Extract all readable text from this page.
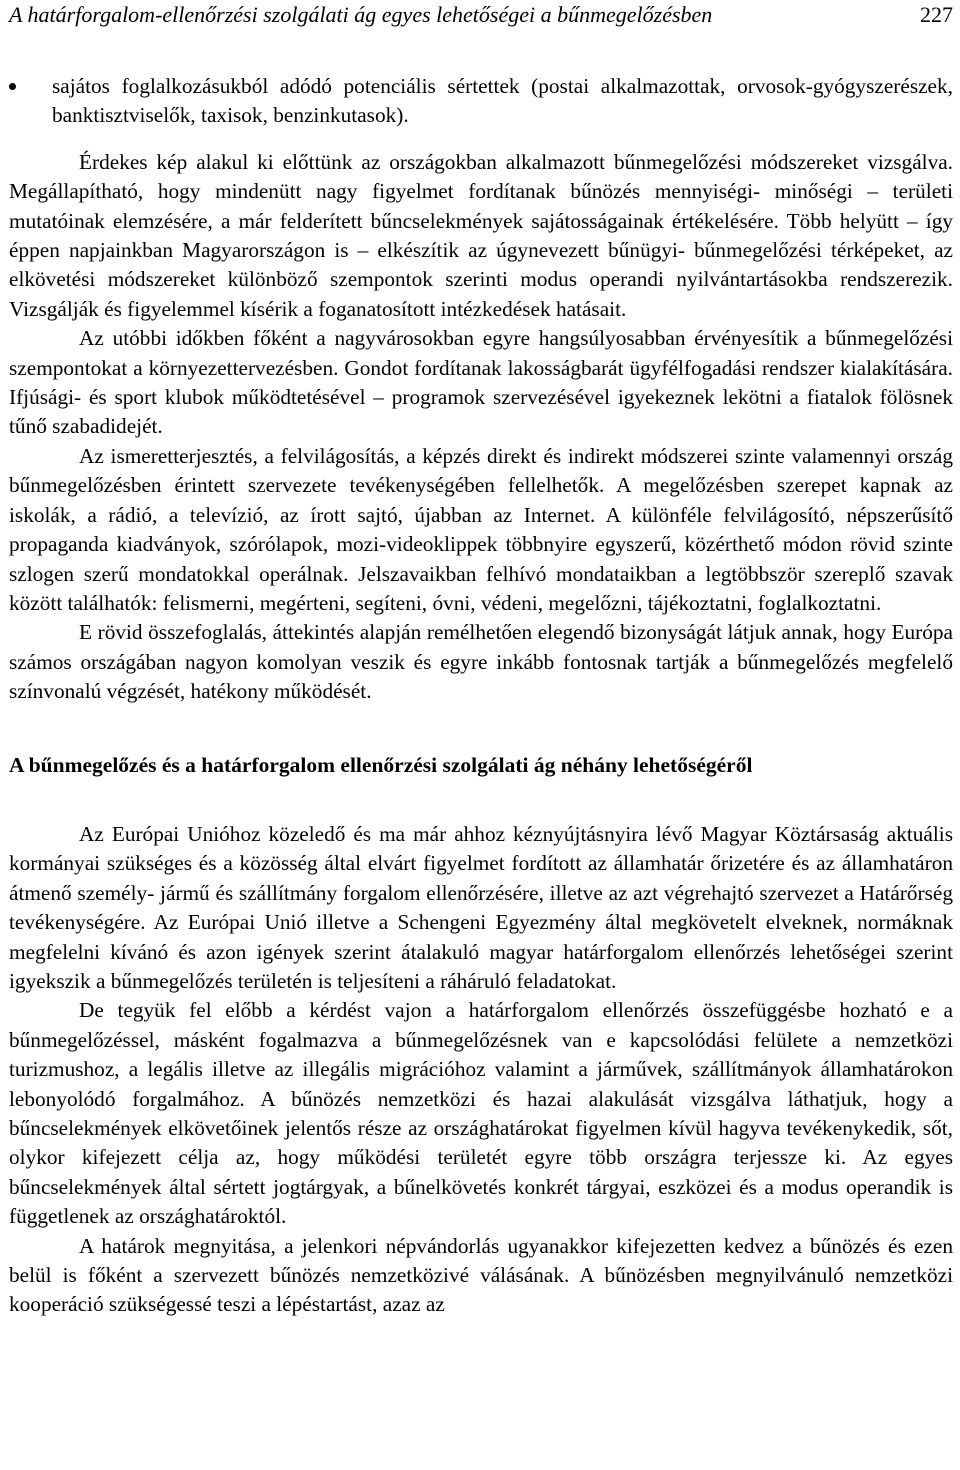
A határforgalom-ellenőrzési szolgálati ág egyes lehetőségei a bűnmegelőzésben	227
sajátos foglalkozásukból adódó potenciális sértettek (postai alkalmazottak, orvosok-gyógyszerészek, banktisztviselők, taxisok, benzinkutasok).

Érdekes kép alakul ki előttünk az országokban alkalmazott bűnmegelőzési módszereket vizsgálva. Megállapítható, hogy mindenütt nagy figyelmet fordítanak bűnözés mennyiségi- minőségi – területi mutatóinak elemzésére, a már felderített bűncselekmények sajátosságainak értékelésére. Több helyütt – így éppen napjainkban Magyarországon is – elkészítik az úgynevezett bűnügyi- bűnmegelőzési térképeket, az elkövetési módszereket különböző szempontok szerinti modus operandi nyilvántartásokba rendszerezik. Vizsgálják és figyelemmel kísérik a foganatosított intézkedések hatásait.

Az utóbbi időkben főként a nagyvárosokban egyre hangsúlyosabban érvényesítik a bűnmegelőzési szempontokat a környezettervezésben. Gondot fordítanak lakosságbarát ügyfélfogadási rendszer kialakítására. Ifjúsági- és sport klubok működtetésével – programok szervezésével igyekeznek lekötni a fiatalok fölösnek tűnő szabadidejét.

Az ismeretterjesztés, a felvilágosítás, a képzés direkt és indirekt módszerei szinte valamennyi ország bűnmegelőzésben érintett szervezete tevékenységében fellelhetők. A megelőzésben szerepet kapnak az iskolák, a rádió, a televízió, az írott sajtó, újabban az Internet. A különféle felvilágosító, népszerűsítő propaganda kiadványok, szórólapok, mozi-videoklippek többnyire egyszerű, közérthető módon rövid szinte szlogen szerű mondatokkal operálnak. Jelszavaikban felhívó mondataikban a legtöbbször szereplő szavak között találhatók: felismerni, megérteni, segíteni, óvni, védeni, megelőzni, tájékoztatni, foglalkoztatni.

E rövid összefoglalás, áttekintés alapján remélhetően elegendő bizonyságát látjuk annak, hogy Európa számos országában nagyon komolyan veszik és egyre inkább fontosnak tartják a bűnmegelőzés megfelelő színvonalú végzését, hatékony működését.

A bűnmegelőzés és a határforgalom ellenőrzési szolgálati ág néhány lehetőségéről

Az Európai Unióhoz közeledő és ma már ahhoz kéznyújtásnyira lévő Magyar Köztársaság aktuális kormányai szükséges és a közösség által elvárt figyelmet fordított az államhatár őrizetére és az államhatáron átmenő személy- jármű és szállítmány forgalom ellenőrzésére, illetve az azt végrehajtó szervezet a Határőrség tevékenységére. Az Európai Unió illetve a Schengeni Egyezmény által megkövetelt elveknek, normáknak megfelelni kívánó és azon igények szerint átalakuló magyar határforgalom ellenőrzés lehetőségei szerint igyekszik a bűnmegelőzés területén is teljesíteni a ráháruló feladatokat.

De tegyük fel előbb a kérdést vajon a határforgalom ellenőrzés összefüggésbe hozható e a bűnmegelőzéssel, másként fogalmazva a bűnmegelőzésnek van e kapcsolódási felülete a nemzetközi turizmushoz, a legális illetve az illegális migrációhoz valamint a járművek, szállítmányok államhatárokon lebonyolódó forgalmához. A bűnözés nemzetközi és hazai alakulását vizsgálva láthatjuk, hogy a bűncselekmények elkövetőinek jelentős része az országhatárokat figyelmen kívül hagyva tevékenykedik, sőt, olykor kifejezett célja az, hogy működési területét egyre több országra terjessze ki. Az egyes bűncselekmények által sértett jogtárgyak, a bűnelkövetés konkrét tárgyai, eszközei és a modus operandik is függetlenek az országhatároktól.

A határok megnyitása, a jelenkori népvándorlás ugyanakkor kifejezetten kedvez a bűnözés és ezen belül is főként a szervezett bűnözés nemzetközivé válásának. A bűnözésben megnyilvánuló nemzetközi kooperáció szükségessé teszi a lépéstartást, azaz az
